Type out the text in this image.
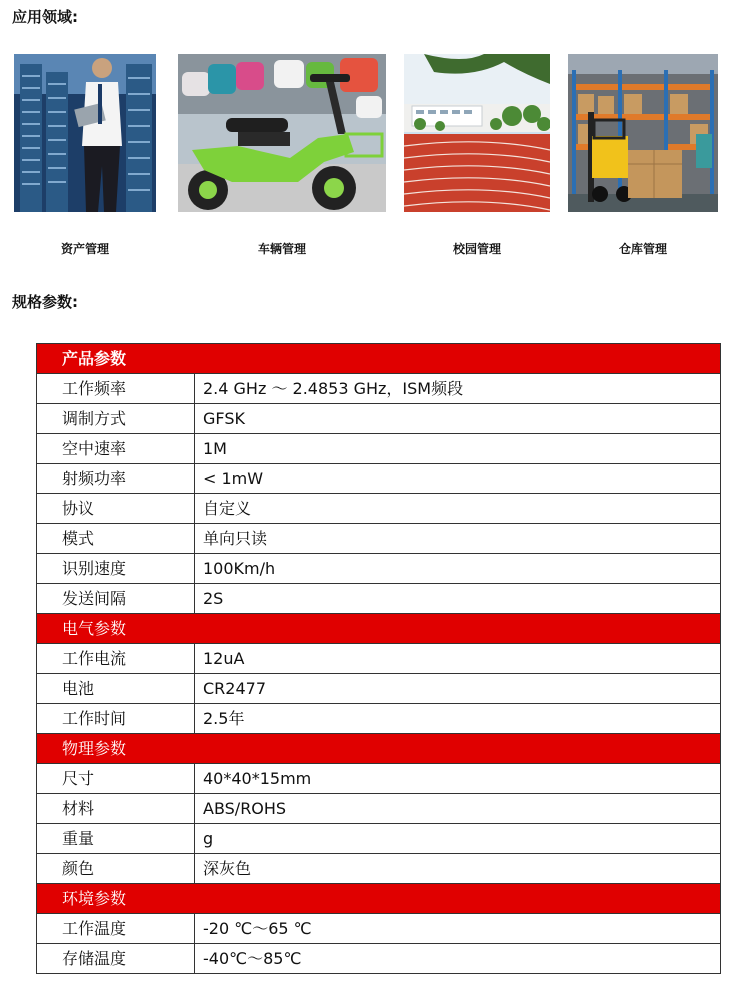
应用领域:
资产管理	车辆管理	校园管理	仓库管理
规格参数:
产品参数	
工作频率	2.4 GHz ～ 2.4853 GHz，ISM频段
调制方式	GFSK
空中速率	1M
射频功率	< 1mW
协议	自定义
模式	单向只读
识别速度	100Km/h
发送间隔	2S
电气参数	
工作电流	12uA
电池	CR2477
工作时间	2.5年
物理参数	
尺寸	40*40*15mm
材料	ABS/ROHS
重量	g
颜色	深灰色
环境参数	
工作温度	-20 ℃～65 ℃
存储温度	-40℃～85℃
